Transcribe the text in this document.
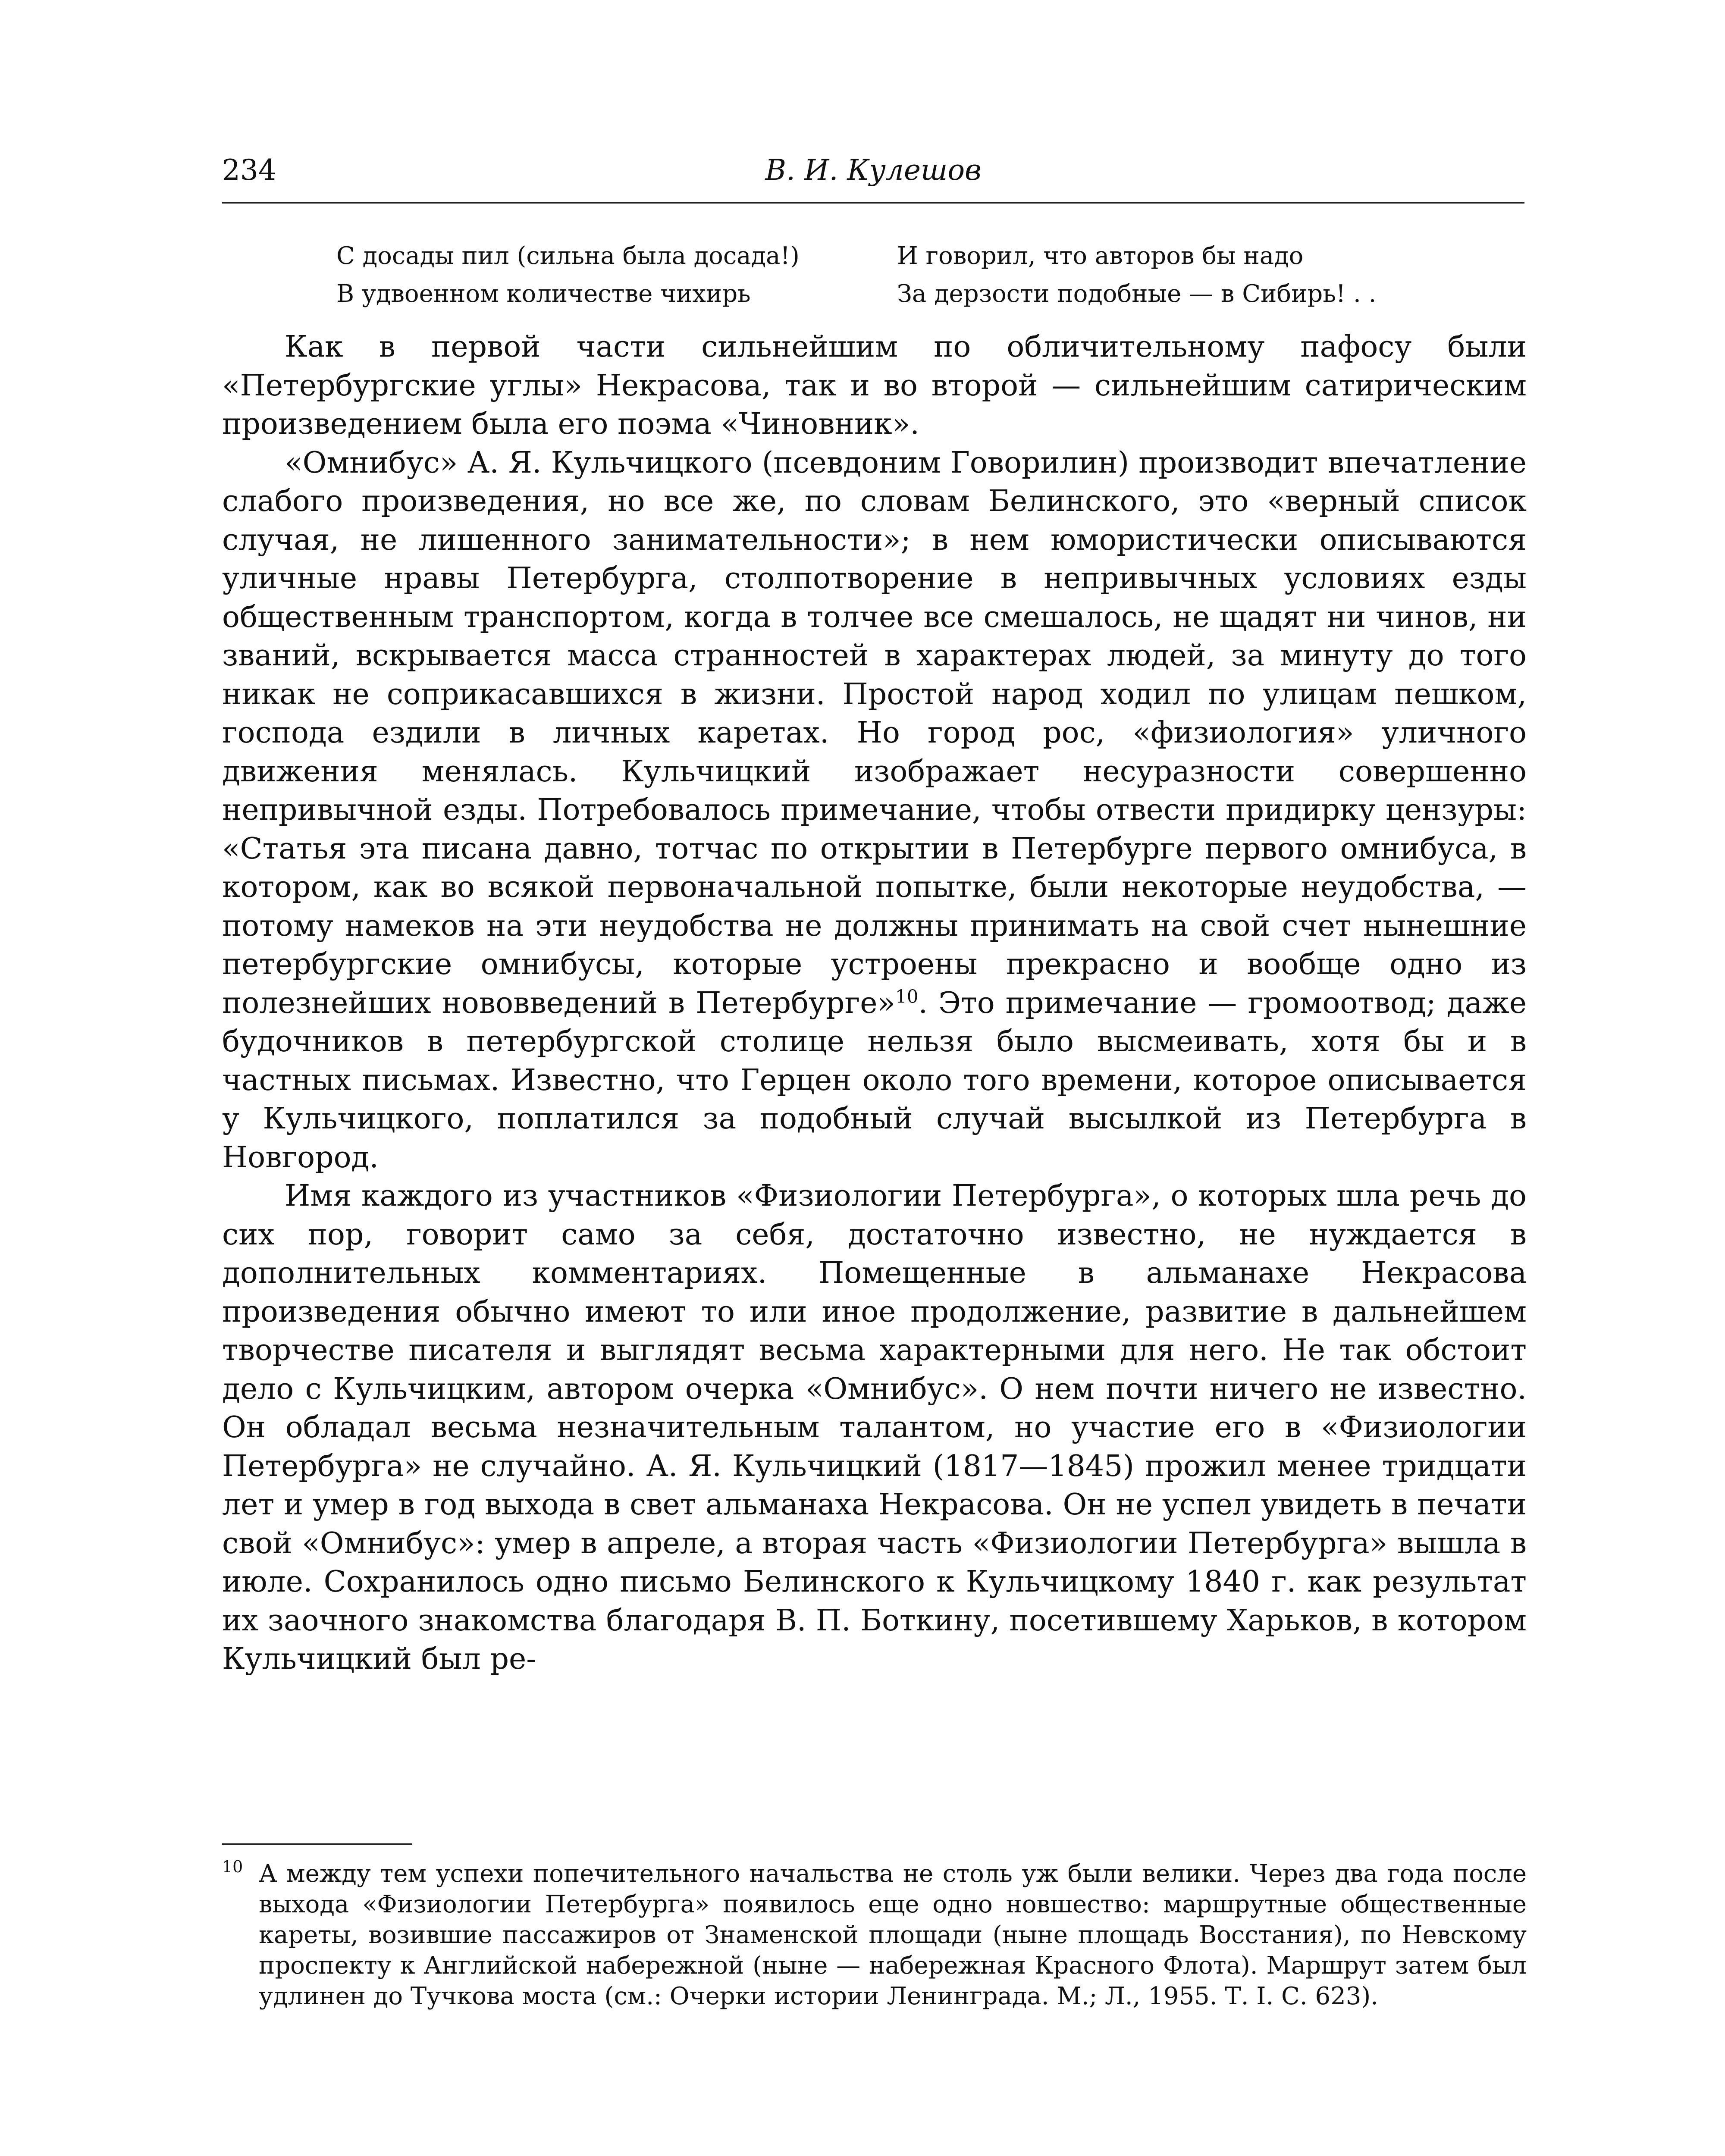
234	В. И. Кулешов
С досады пил (сильна была досада!)	И говорил, что авторов бы надо
В удвоенном количестве чихирь	За дерзости подобные — в Сибирь! . .

Как в первой части сильнейшим по обличительному пафосу были «Петербургские углы» Некрасова, так и во второй — сильнейшим сатирическим произведением была его поэма «Чиновник».

«Омнибус» А. Я. Кульчицкого (псевдоним Говорилин) производит впечатление слабого произведения, но все же, по словам Белинского, это «верный список случая, не лишенного занимательности»; в нем юмористически описываются уличные нравы Петербурга, столпотворение в непривычных условиях езды общественным транспортом, когда в толчее все смешалось, не щадят ни чинов, ни званий, вскрывается масса странностей в характерах людей, за минуту до того никак не соприкасавшихся в жизни. Простой народ ходил по улицам пешком, господа ездили в личных каретах. Но город рос, «физиология» уличного движения менялась. Кульчицкий изображает несуразности совершенно непривычной езды. Потребовалось примечание, чтобы отвести придирку цензуры: «Статья эта писана давно, тотчас по открытии в Петербурге первого омнибуса, в котором, как во всякой первоначальной попытке, были некоторые неудобства, — потому намеков на эти неудобства не должны принимать на свой счет нынешние петербургские омнибусы, которые устроены прекрасно и вообще одно из полезнейших нововведений в Петербурге»$^{10}$. Это примечание — громоотвод; даже будочников в петербургской столице нельзя было высмеивать, хотя бы и в частных письмах. Известно, что Герцен около того времени, которое описывается у Кульчицкого, поплатился за подобный случай высылкой из Петербурга в Новгород.

Имя каждого из участников «Физиологии Петербурга», о которых шла речь до сих пор, говорит само за себя, достаточно известно, не нуждается в дополнительных комментариях. Помещенные в альманахе Некрасова произведения обычно имеют то или иное продолжение, развитие в дальнейшем творчестве писателя и выглядят весьма характерными для него. Не так обстоит дело с Кульчицким, автором очерка «Омнибус». О нем почти ничего не известно. Он обладал весьма незначительным талантом, но участие его в «Физиологии Петербурга» не случайно. А. Я. Кульчицкий (1817—1845) прожил менее тридцати лет и умер в год выхода в свет альманаха Некрасова. Он не успел увидеть в печати свой «Омнибус»: умер в апреле, а вторая часть «Физиологии Петербурга» вышла в июле. Сохранилось одно письмо Белинского к Кульчицкому 1840 г. как результат их заочного знакомства благодаря В. П. Боткину, посетившему Харьков, в котором Кульчицкий был ре-

10 А между тем успехи попечительного начальства не столь уж были велики. Через два года после выхода «Физиологии Петербурга» появилось еще одно новшество: маршрутные общественные кареты, возившие пассажиров от Знаменской площади (ныне площадь Восстания), по Невскому проспекту к Английской набережной (ныне — набережная Красного Флота). Маршрут затем был удлинен до Тучкова моста (см.: Очерки истории Ленинграда. М.; Л., 1955. Т. I. С. 623).
